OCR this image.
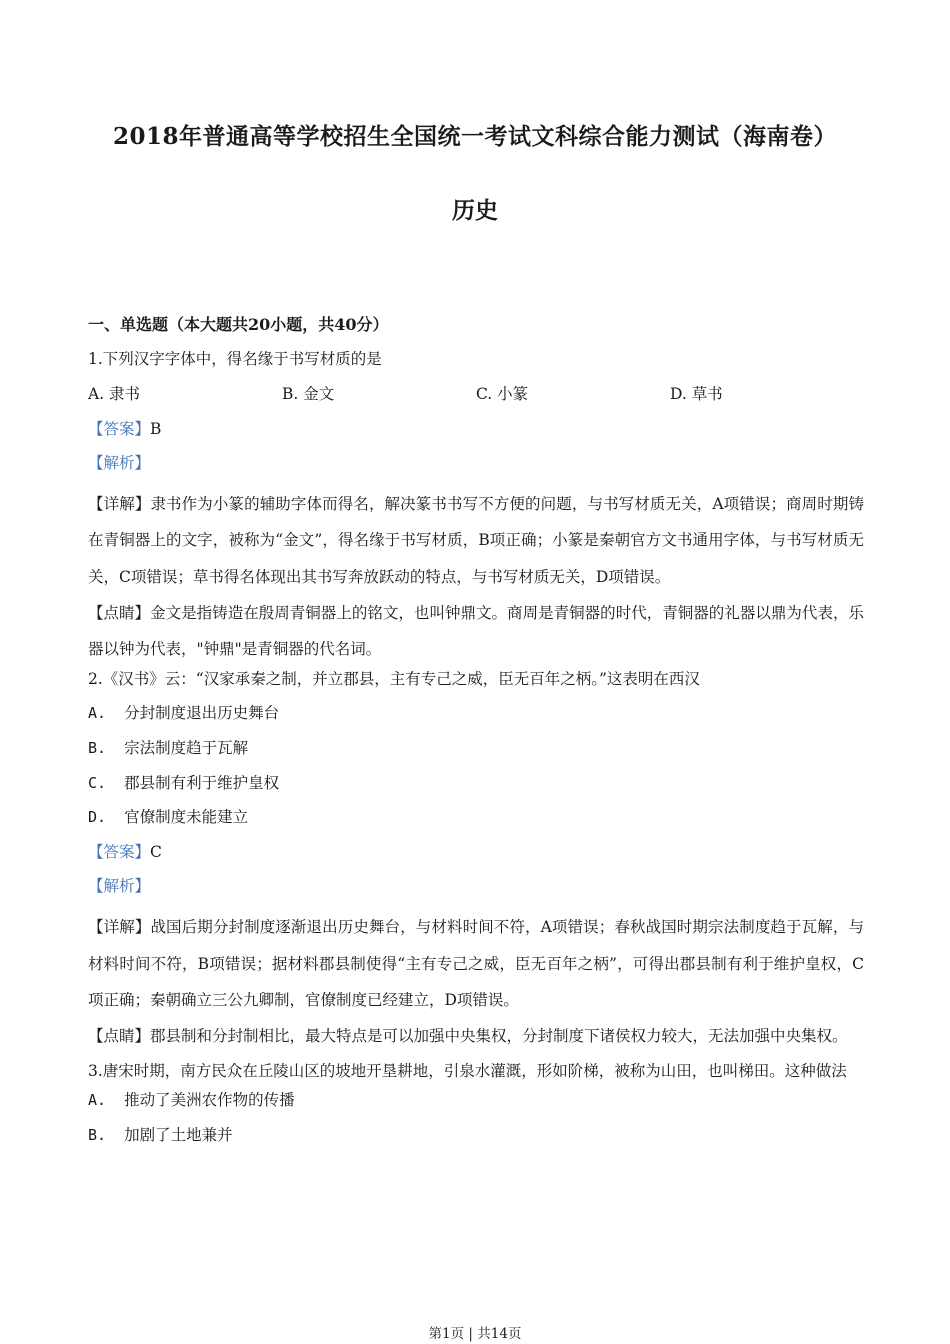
2018年普通高等学校招生全国统一考试文科综合能力测试（海南卷）
历史
一、单选题（本大题共20小题，共40分）
1.下列汉字字体中，得名缘于书写材质的是
A. 隶书	B. 金文	C. 小篆	D. 草书
【答案】B
【解析】
【详解】隶书作为小篆的辅助字体而得名，解决篆书书写不方便的问题，与书写材质无关，A项错误；商周时期铸在青铜器上的文字，被称为“金文”，得名缘于书写材质，B项正确；小篆是秦朝官方文书通用字体，与书写材质无关，C项错误；草书得名体现出其书写奔放跃动的特点，与书写材质无关，D项错误。
【点睛】金文是指铸造在殷周青铜器上的铭文，也叫钟鼎文。商周是青铜器的时代，青铜器的礼器以鼎为代表，乐器以钟为代表，"钟鼎"是青铜器的代名词。
2.《汉书》云：“汉家承秦之制，并立郡县，主有专己之威，臣无百年之柄。”这表明在西汉
A. 分封制度退出历史舞台
B. 宗法制度趋于瓦解
C. 郡县制有利于维护皇权
D. 官僚制度未能建立
【答案】C
【解析】
【详解】战国后期分封制度逐渐退出历史舞台，与材料时间不符，A项错误；春秋战国时期宗法制度趋于瓦解，与材料时间不符，B项错误；据材料郡县制使得“主有专己之威，臣无百年之柄”，可得出郡县制有利于维护皇权，C项正确；秦朝确立三公九卿制，官僚制度已经建立，D项错误。
【点睛】郡县制和分封制相比，最大特点是可以加强中央集权，分封制度下诸侯权力较大，无法加强中央集权。
3.唐宋时期，南方民众在丘陵山区的坡地开垦耕地，引泉水灌溉，形如阶梯，被称为山田，也叫梯田。这种做法
A. 推动了美洲农作物的传播
B. 加剧了土地兼并
第1页 | 共14页
